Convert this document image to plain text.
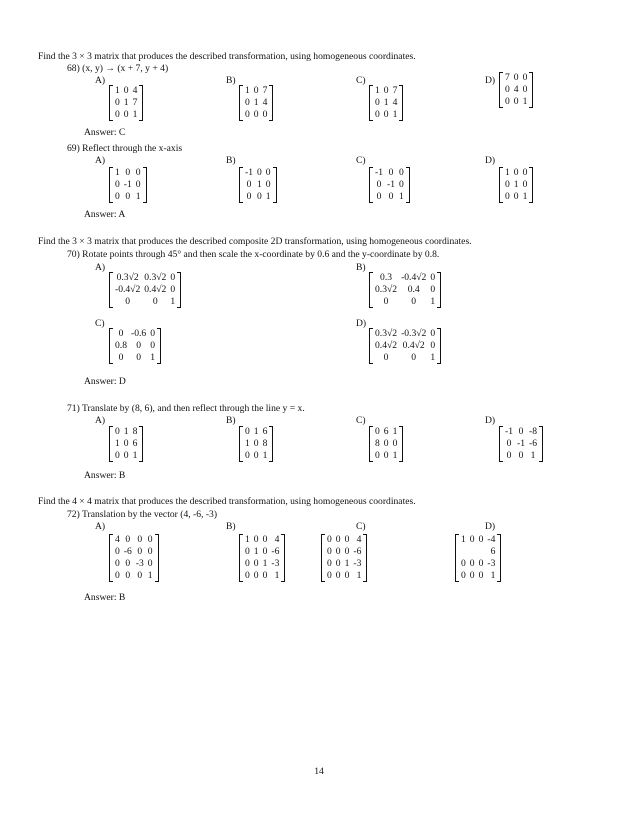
Find the 3 × 3 matrix that produces the described transformation, using homogeneous coordinates.
Find the 3 × 3 matrix that produces the described composite 2D transformation, using homogeneous coordinates.
Find the 4 × 4 matrix that produces the described transformation, using homogeneous coordinates.
68) (x, y) → (x + 7, y + 4)
69) Reflect through the x-axis
70) Rotate points through 45° and then scale the x-coordinate by 0.6 and the y-coordinate by 0.8.
71) Translate by (8, 6), and then reflect through the line y = x.
72) Translation by the vector (4, -6, -3)
Answer: C
Answer: A
Answer: D
Answer: B
Answer: B
A)
1	0	4
0	1	7
0	0	1
B)
1	0	7
0	1	4
0	0	0
C)
1	0	7
0	1	4
0	0	1
D) 7	0	0
0	4	0
0	0	1
A)
1	0	0
0	-1	0
0	0	1
B)
-1	0	0
0	1	0
0	0	1
C)
-1	0	0
0	-1	0
0	0	1
D)
1	0	0
0	1	0
0	0	1
A)
0.3√2	0.3√2	0
-0.4√2	0.4√2	0
0	0	1
B)
0.3	-0.4√2	0
0.3√2	0.4	0
0	0	1
C)
0	-0.6	0
0.8	0	0
0	0	1
D)
0.3√2	-0.3√2	0
0.4√2	0.4√2	0
0	0	1
A)
0	1	8
1	0	6
0	0	1
B)
0	1	6
1	0	8
0	0	1
C)
0	6	1
8	0	0
0	0	1
D)
-1	0	-8
0	-1	-6
0	0	1
A)
4	0	0	0
0	-6	0	0
0	0	-3	0
0	0	0	1
B)
1	0	0	4
0	1	0	-6
0	0	1	-3
0	0	0	1
C)
0	0	0	4
0	0	0	-6
0	0	1	-3
0	0	0	1
D)
1	0	0	-4
			6
0	0	0	-3
0	0	0	1
14
